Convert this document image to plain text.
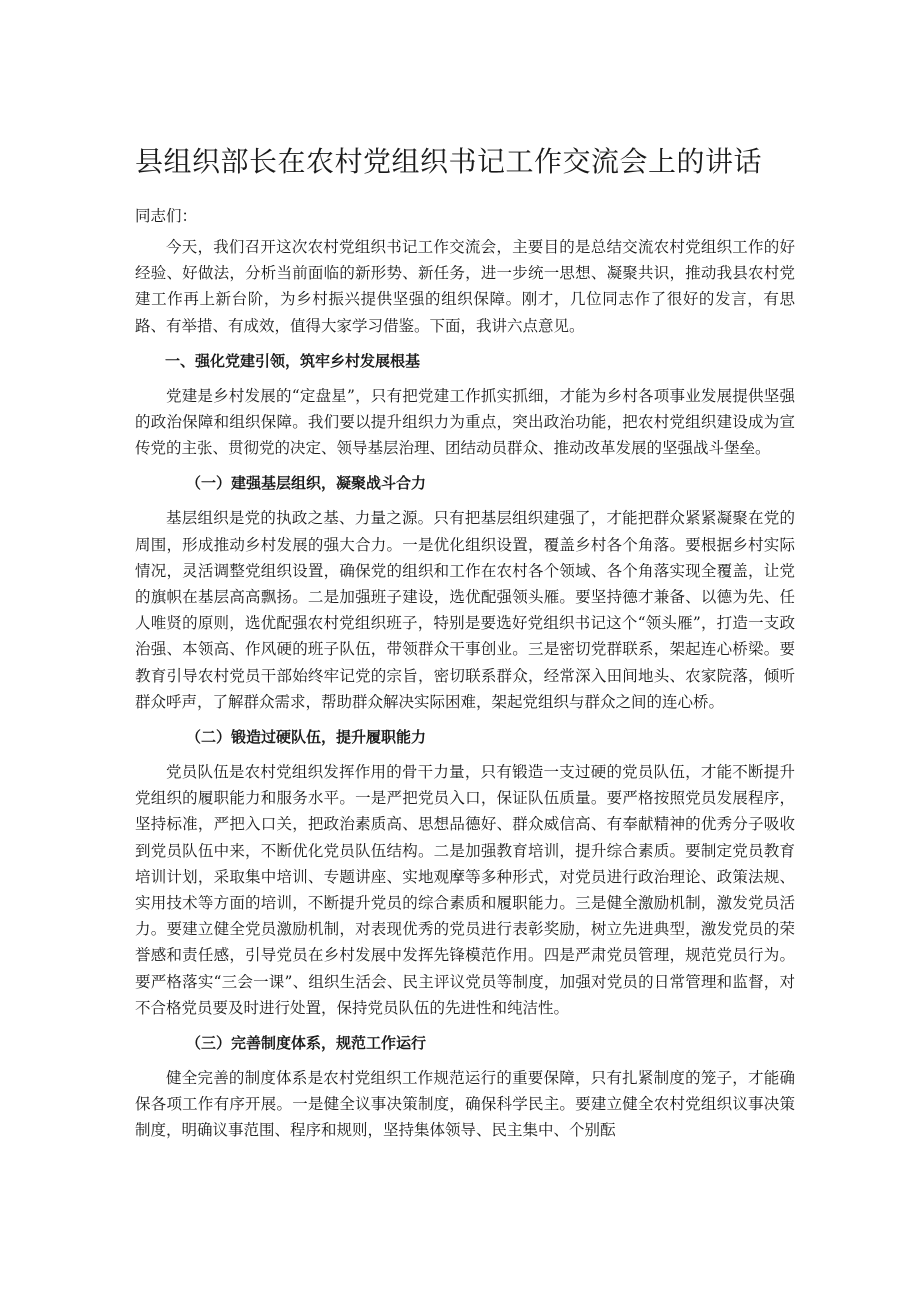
县组织部长在农村党组织书记工作交流会上的讲话

同志们：

今天，我们召开这次农村党组织书记工作交流会，主要目的是总结交流农村党组织工作的好经验、好做法，分析当前面临的新形势、新任务，进一步统一思想、凝聚共识，推动我县农村党建工作再上新台阶，为乡村振兴提供坚强的组织保障。刚才，几位同志作了很好的发言，有思路、有举措、有成效，值得大家学习借鉴。下面，我讲六点意见。

一、强化党建引领，筑牢乡村发展根基

党建是乡村发展的“定盘星”，只有把党建工作抓实抓细，才能为乡村各项事业发展提供坚强的政治保障和组织保障。我们要以提升组织力为重点，突出政治功能，把农村党组织建设成为宣传党的主张、贯彻党的决定、领导基层治理、团结动员群众、推动改革发展的坚强战斗堡垒。

（一）建强基层组织，凝聚战斗合力

基层组织是党的执政之基、力量之源。只有把基层组织建强了，才能把群众紧紧凝聚在党的周围，形成推动乡村发展的强大合力。一是优化组织设置，覆盖乡村各个角落。要根据乡村实际情况，灵活调整党组织设置，确保党的组织和工作在农村各个领域、各个角落实现全覆盖，让党的旗帜在基层高高飘扬。二是加强班子建设，选优配强领头雁。要坚持德才兼备、以德为先、任人唯贤的原则，选优配强农村党组织班子，特别是要选好党组织书记这个“领头雁”，打造一支政治强、本领高、作风硬的班子队伍，带领群众干事创业。三是密切党群联系，架起连心桥梁。要教育引导农村党员干部始终牢记党的宗旨，密切联系群众，经常深入田间地头、农家院落，倾听群众呼声，了解群众需求，帮助群众解决实际困难，架起党组织与群众之间的连心桥。

（二）锻造过硬队伍，提升履职能力

党员队伍是农村党组织发挥作用的骨干力量，只有锻造一支过硬的党员队伍，才能不断提升党组织的履职能力和服务水平。一是严把党员入口，保证队伍质量。要严格按照党员发展程序，坚持标准，严把入口关，把政治素质高、思想品德好、群众威信高、有奉献精神的优秀分子吸收到党员队伍中来，不断优化党员队伍结构。二是加强教育培训，提升综合素质。要制定党员教育培训计划，采取集中培训、专题讲座、实地观摩等多种形式，对党员进行政治理论、政策法规、实用技术等方面的培训，不断提升党员的综合素质和履职能力。三是健全激励机制，激发党员活力。要建立健全党员激励机制，对表现优秀的党员进行表彰奖励，树立先进典型，激发党员的荣誉感和责任感，引导党员在乡村发展中发挥先锋模范作用。四是严肃党员管理，规范党员行为。要严格落实“三会一课”、组织生活会、民主评议党员等制度，加强对党员的日常管理和监督，对不合格党员要及时进行处置，保持党员队伍的先进性和纯洁性。

（三）完善制度体系，规范工作运行

健全完善的制度体系是农村党组织工作规范运行的重要保障，只有扎紧制度的笼子，才能确保各项工作有序开展。一是健全议事决策制度，确保科学民主。要建立健全农村党组织议事决策制度，明确议事范围、程序和规则，坚持集体领导、民主集中、个别酝
